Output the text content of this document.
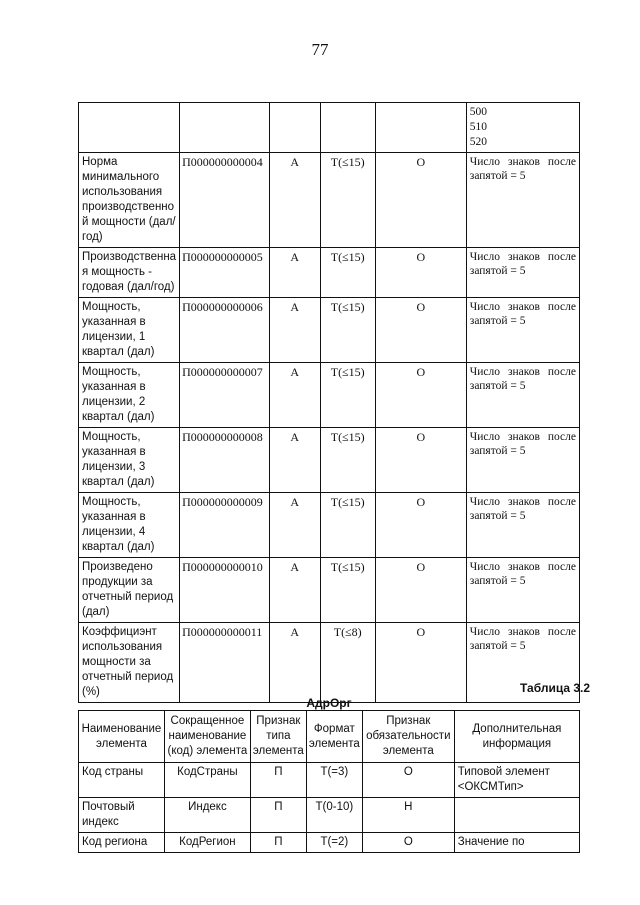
77

					500
510
520

Норма минимального использования производственно й мощности (дал/год)	П000000000004	А	Т(≤15)	О	Число знаков после запятой = 5
Производственна я мощность - годовая (дал/год)	П000000000005	А	Т(≤15)	О	Число знаков после запятой = 5
Мощность, указанная в лицензии, 1 квартал (дал)	П000000000006	А	Т(≤15)	О	Число знаков после запятой = 5
Мощность, указанная в лицензии, 2 квартал (дал)	П000000000007	А	Т(≤15)	О	Число знаков после запятой = 5
Мощность, указанная в лицензии, 3 квартал (дал)	П000000000008	А	Т(≤15)	О	Число знаков после запятой = 5
Мощность, указанная в лицензии, 4 квартал (дал)	П000000000009	А	Т(≤15)	О	Число знаков после запятой = 5
Произведено продукции за отчетный период (дал)	П000000000010	А	Т(≤15)	О	Число знаков после запятой = 5
Коэффициэнт использования мощности за отчетный период (%)	П000000000011	А	Т(≤8)	О	Число знаков после запятой = 5
Таблица 3.2
АдрОрг
Наименование элемента	Сокращенное наименование (код) элемента	Признак типа элемента	Формат элемента	Признак обязательности элемента	Дополнительная информация
Код страны	КодСтраны	П	Т(=3)	О	Типовой элемент <ОКСМТип>
Почтовый индекс	Индекс	П	Т(0-10)	Н	
Код региона	КодРегион	П	Т(=2)	О	Значение по
